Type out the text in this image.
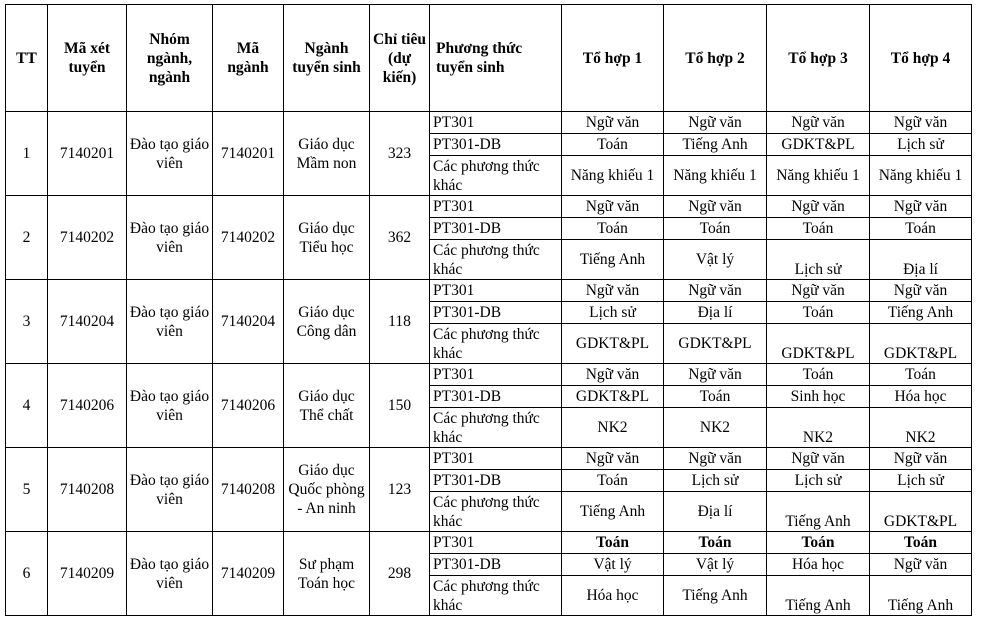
TT	Mã xét tuyển	Nhóm ngành, ngành	Mã ngành	Ngành tuyển sinh	Chỉ tiêu (dự kiến)	Phương thức tuyển sinh	Tổ hợp 1	Tổ hợp 2	Tổ hợp 3	Tổ hợp 4
1	7140201	Đào tạo giáo viên	7140201	Giáo dục Mầm non	323	PT301	Ngữ văn	Ngữ văn	Ngữ văn	Ngữ văn
						PT301-DB	Toán	Tiếng Anh	GDKT&PL	Lịch sử
						Các phương thức khác	Năng khiếu 1	Năng khiếu 1	Năng khiếu 1	Năng khiếu 1
2	7140202	Đào tạo giáo viên	7140202	Giáo dục Tiểu học	362	PT301	Ngữ văn	Ngữ văn	Ngữ văn	Ngữ văn
						PT301-DB	Toán	Toán	Toán	Toán
						Các phương thức khác	Tiếng Anh	Vật lý	Lịch sử	Địa lí
3	7140204	Đào tạo giáo viên	7140204	Giáo dục Công dân	118	PT301	Ngữ văn	Ngữ văn	Ngữ văn	Ngữ văn
						PT301-DB	Lịch sử	Địa lí	Toán	Tiếng Anh
						Các phương thức khác	GDKT&PL	GDKT&PL	GDKT&PL	GDKT&PL
4	7140206	Đào tạo giáo viên	7140206	Giáo dục Thể chất	150	PT301	Ngữ văn	Ngữ văn	Toán	Toán
						PT301-DB	GDKT&PL	Toán	Sinh học	Hóa học
						Các phương thức khác	NK2	NK2	NK2	NK2
5	7140208	Đào tạo giáo viên	7140208	Giáo dục Quốc phòng - An ninh	123	PT301	Ngữ văn	Ngữ văn	Ngữ văn	Ngữ văn
						PT301-DB	Toán	Lịch sử	Lịch sử	Lịch sử
						Các phương thức khác	Tiếng Anh	Địa lí	Tiếng Anh	GDKT&PL
6	7140209	Đào tạo giáo viên	7140209	Sư phạm Toán học	298	PT301	Toán	Toán	Toán	Toán
						PT301-DB	Vật lý	Vật lý	Hóa học	Ngữ văn
						Các phương thức khác	Hóa học	Tiếng Anh	Tiếng Anh	Tiếng Anh
